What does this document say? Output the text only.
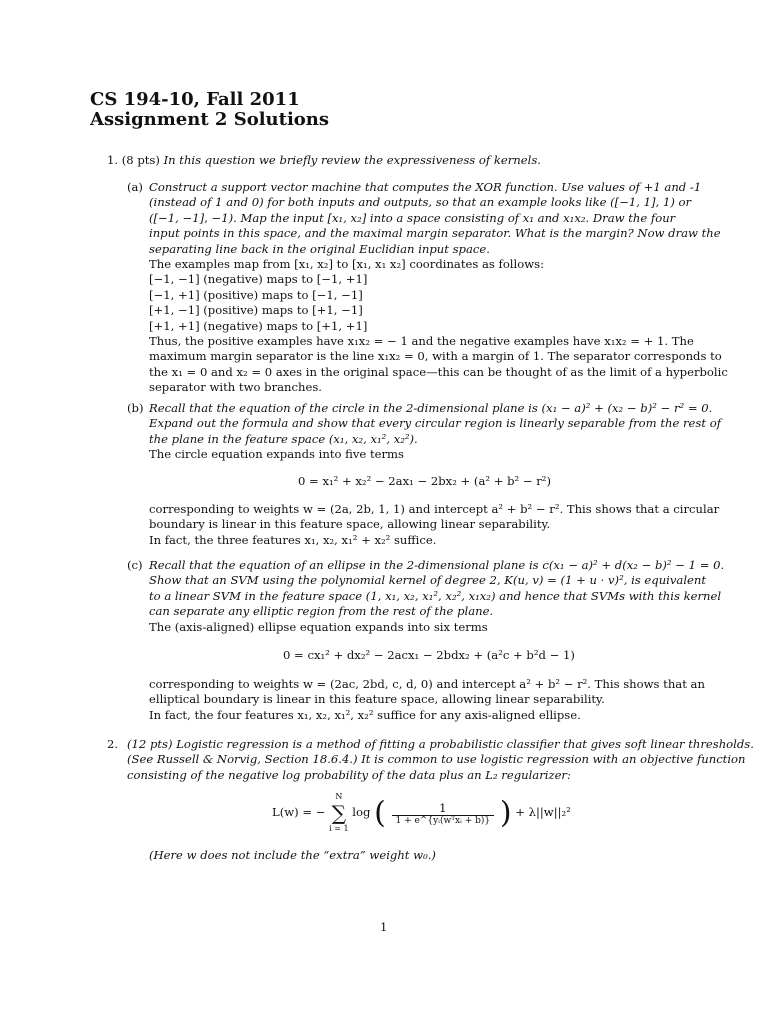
CS 194-10, Fall 2011
Assignment 2 Solutions
1. (8 pts) In this question we briefly review the expressiveness of kernels.
(a) Construct a support vector machine that computes the XOR function. Use values of +1 and -1
(instead of 1 and 0) for both inputs and outputs, so that an example looks like ([−1, 1], 1) or
([−1, −1], −1). Map the input [x₁, x₂] into a space consisting of x₁ and x₁x₂. Draw the four
input points in this space, and the maximal margin separator. What is the margin? Now draw the
separating line back in the original Euclidian input space.
The examples map from [x₁, x₂] to [x₁, x₁ x₂] coordinates as follows:
[−1, −1] (negative) maps to [−1, +1]
[−1, +1] (positive) maps to [−1, −1]
[+1, −1] (positive) maps to [+1, −1]
[+1, +1] (negative) maps to [+1, +1]
Thus, the positive examples have x₁x₂ = − 1 and the negative examples have x₁x₂ = + 1. The
maximum margin separator is the line x₁x₂ = 0, with a margin of 1. The separator corresponds to
the x₁ = 0 and x₂ = 0 axes in the original space—this can be thought of as the limit of a hyperbolic
separator with two branches.
(b) Recall that the equation of the circle in the 2-dimensional plane is (x₁ − a)² + (x₂ − b)² − r² = 0.
Expand out the formula and show that every circular region is linearly separable from the rest of
the plane in the feature space (x₁, x₂, x₁², x₂²).
The circle equation expands into five terms
0 = x₁² + x₂² − 2ax₁ − 2bx₂ + (a² + b² − r²)
corresponding to weights w = (2a, 2b, 1, 1) and intercept a² + b² − r². This shows that a circular
boundary is linear in this feature space, allowing linear separability.
In fact, the three features x₁, x₂, x₁² + x₂² suffice.
(c) Recall that the equation of an ellipse in the 2-dimensional plane is c(x₁ − a)² + d(x₂ − b)² − 1 = 0.
Show that an SVM using the polynomial kernel of degree 2, K(u, v) = (1 + u · v)², is equivalent
to a linear SVM in the feature space (1, x₁, x₂, x₁², x₂², x₁x₂) and hence that SVMs with this kernel
can separate any elliptic region from the rest of the plane.
The (axis-aligned) ellipse equation expands into six terms
0 = cx₁² + dx₂² − 2acx₁ − 2bdx₂ + (a²c + b²d − 1)
corresponding to weights w = (2ac, 2bd, c, d, 0) and intercept a² + b² − r². This shows that an
elliptical boundary is linear in this feature space, allowing linear separability.
In fact, the four features x₁, x₂, x₁², x₂² suffice for any axis-aligned ellipse.
2. (12 pts) Logistic regression is a method of fitting a probabilistic classifier that gives soft linear thresholds.
(See Russell & Norvig, Section 18.6.4.) It is common to use logistic regression with an objective function
consisting of the negative log probability of the data plus an L₂ regularizer:
L(w) = −
N
∑
i = 1
log ( $\frac{1}{\text{1 + e\textasciicircum{}\{yᵢ(wᵀxᵢ + b)\}}}$ ) + λ||w||₂²
(Here w does not include the “extra” weight w₀.)
1
